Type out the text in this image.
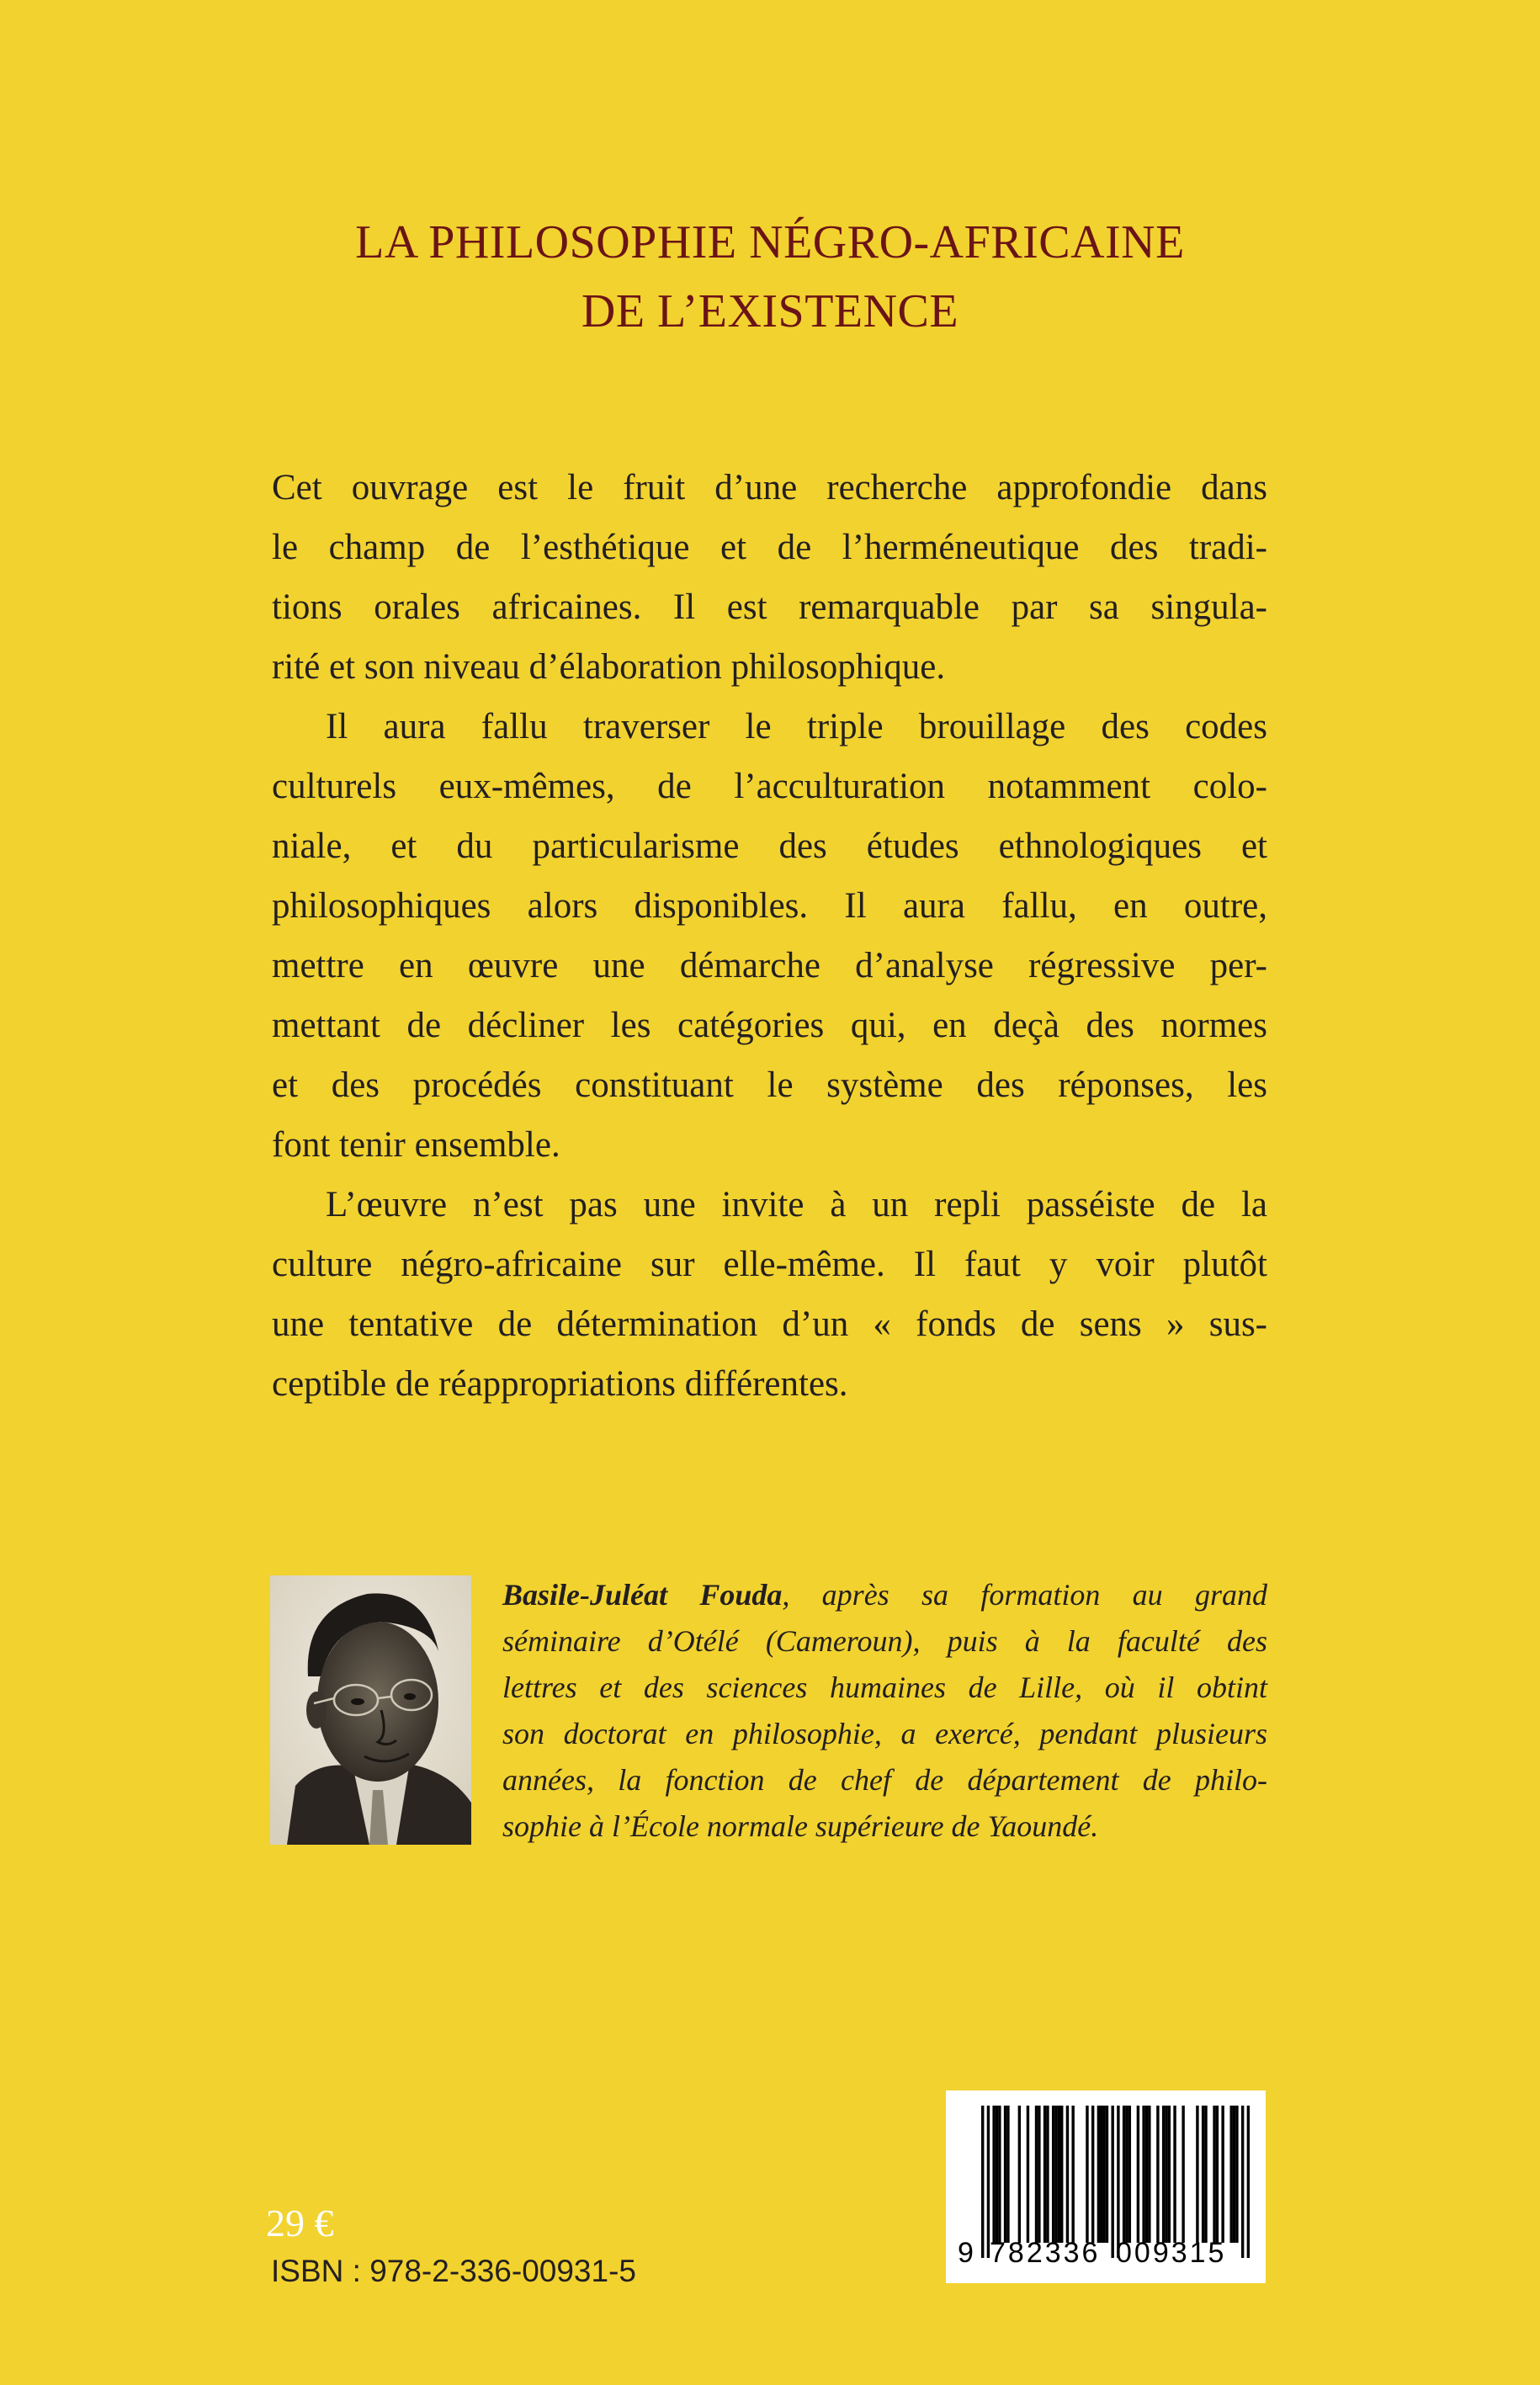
LA PHILOSOPHIE NÉGRO-AFRICAINE
DE L’EXISTENCE
Cet ouvrage est le fruit d’une recherche approfondie dans
le champ de l’esthétique et de l’herméneutique des tradi-
tions orales africaines. Il est remarquable par sa singula-
rité et son niveau d’élaboration philosophique.
Il aura fallu traverser le triple brouillage des codes
culturels eux-mêmes, de l’acculturation notamment colo-
niale, et du particularisme des études ethnologiques et
philosophiques alors disponibles. Il aura fallu, en outre,
mettre en œuvre une démarche d’analyse régressive per-
mettant de décliner les catégories qui, en deçà des normes
et des procédés constituant le système des réponses, les
font tenir ensemble.
L’œuvre n’est pas une invite à un repli passéiste de la
culture négro-africaine sur elle-même. Il faut y voir plutôt
une tentative de détermination d’un « fonds de sens » sus-
ceptible de réappropriations différentes.
Basile-Juléat Fouda, après sa formation au grand
séminaire d’Otélé (Cameroun), puis à la faculté des
lettres et des sciences humaines de Lille, où il obtint
son doctorat en philosophie, a exercé, pendant plusieurs
années, la fonction de chef de département de philo-
sophie à l’École normale supérieure de Yaoundé.
29 €
ISBN : 978-2-336-00931-5
9 782336 009315
